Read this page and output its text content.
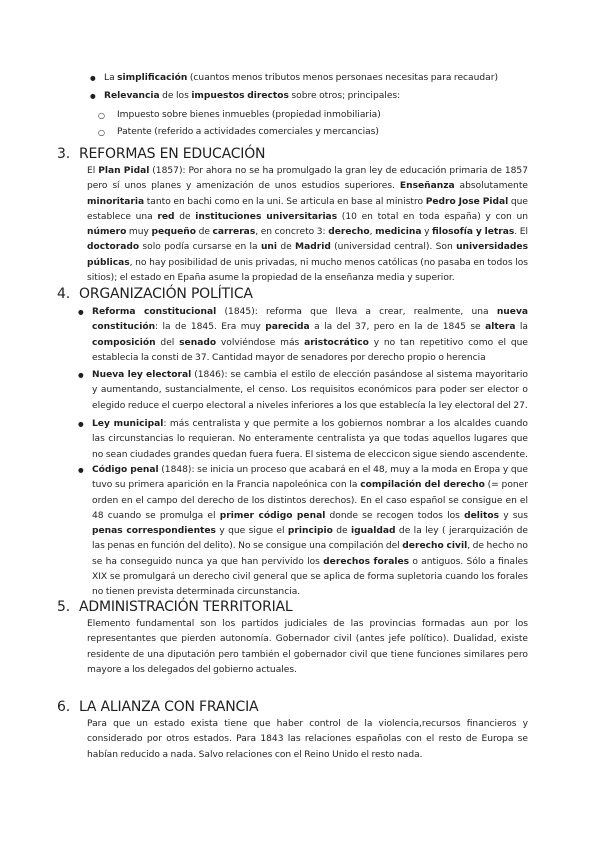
● La simplificación (cuantos menos tributos menos personaes necesitas para recaudar)
● Relevancia de los impuestos directos sobre otros; principales:
○ Impuesto sobre bienes inmuebles (propiedad inmobiliaria)
○ Patente (referido a actividades comerciales y mercancias)
3. REFORMAS EN EDUCACIÓN
El Plan Pidal (1857): Por ahora no se ha promulgado la gran ley de educación primaria de 1857 pero sí unos planes y amenización de unos estudios superiores. Enseñanza absolutamente minoritaria tanto en bachi como en la uni. Se articula en base al ministro Pedro Jose Pidal que establece una red de instituciones universitarias (10 en total en toda españa) y con un número muy pequeño de carreras, en concreto 3: derecho, medicina y filosofía y letras. El doctorado solo podía cursarse en la uni de Madrid (universidad central). Son universidades públicas, no hay posibilidad de unis privadas, ni mucho menos católicas (no pasaba en todos los sitios); el estado en Epaña asume la propiedad de la enseñanza media y superior.
4. ORGANIZACIÓN POLÍTICA
● Reforma constitucional (1845): reforma que lleva a crear, realmente, una nueva constitución: la de 1845. Era muy parecida a la del 37, pero en la de 1845 se altera la composición del senado volviéndose más aristocrático y no tan repetitivo como el que establecia la consti de 37. Cantidad mayor de senadores por derecho propio o herencia
● Nueva ley electoral (1846): se cambia el estilo de elección pasándose al sistema mayoritario y aumentando, sustancialmente, el censo. Los requisitos económicos para poder ser elector o elegido reduce el cuerpo electoral a niveles inferiores a los que establecía la ley electoral del 27.
● Ley municipal: más centralista y que permite a los gobiernos nombrar a los alcaldes cuando las circunstancias lo requieran. No enteramente centralista ya que todas aquellos lugares que no sean ciudades grandes quedan fuera fuera. El sistema de eleccicon sigue siendo ascendente.
● Código penal (1848): se inicia un proceso que acabará en el 48, muy a la moda en Eropa y que tuvo su primera aparición en la Francia napoleónica con la compilación del derecho (= poner orden en el campo del derecho de los distintos derechos). En el caso español se consigue en el 48 cuando se promulga el primer código penal donde se recogen todos los delitos y sus penas correspondientes y que sigue el principio de igualdad de la ley ( jerarquización de las penas en función del delito). No se consigue una compilación del derecho civil, de hecho no se ha conseguido nunca ya que han pervivido los derechos forales o antiguos. Sólo a finales XIX se promulgará un derecho civil general que se aplica de forma supletoria cuando los forales no tienen prevista determinada circunstancia.
5. ADMINISTRACIÓN TERRITORIAL
Elemento fundamental son los partidos judiciales de las provincias formadas aun por los representantes que pierden autonomía. Gobernador civil (antes jefe político). Dualidad, existe residente de una diputación pero también el gobernador civil que tiene funciones similares pero mayore a los delegados del gobierno actuales.
6. LA ALIANZA CON FRANCIA
Para que un estado exista tiene que haber control de la violencia,recursos financieros y considerado por otros estados. Para 1843 las relaciones españolas con el resto de Europa se habían reducido a nada. Salvo relaciones con el Reino Unido el resto nada.
